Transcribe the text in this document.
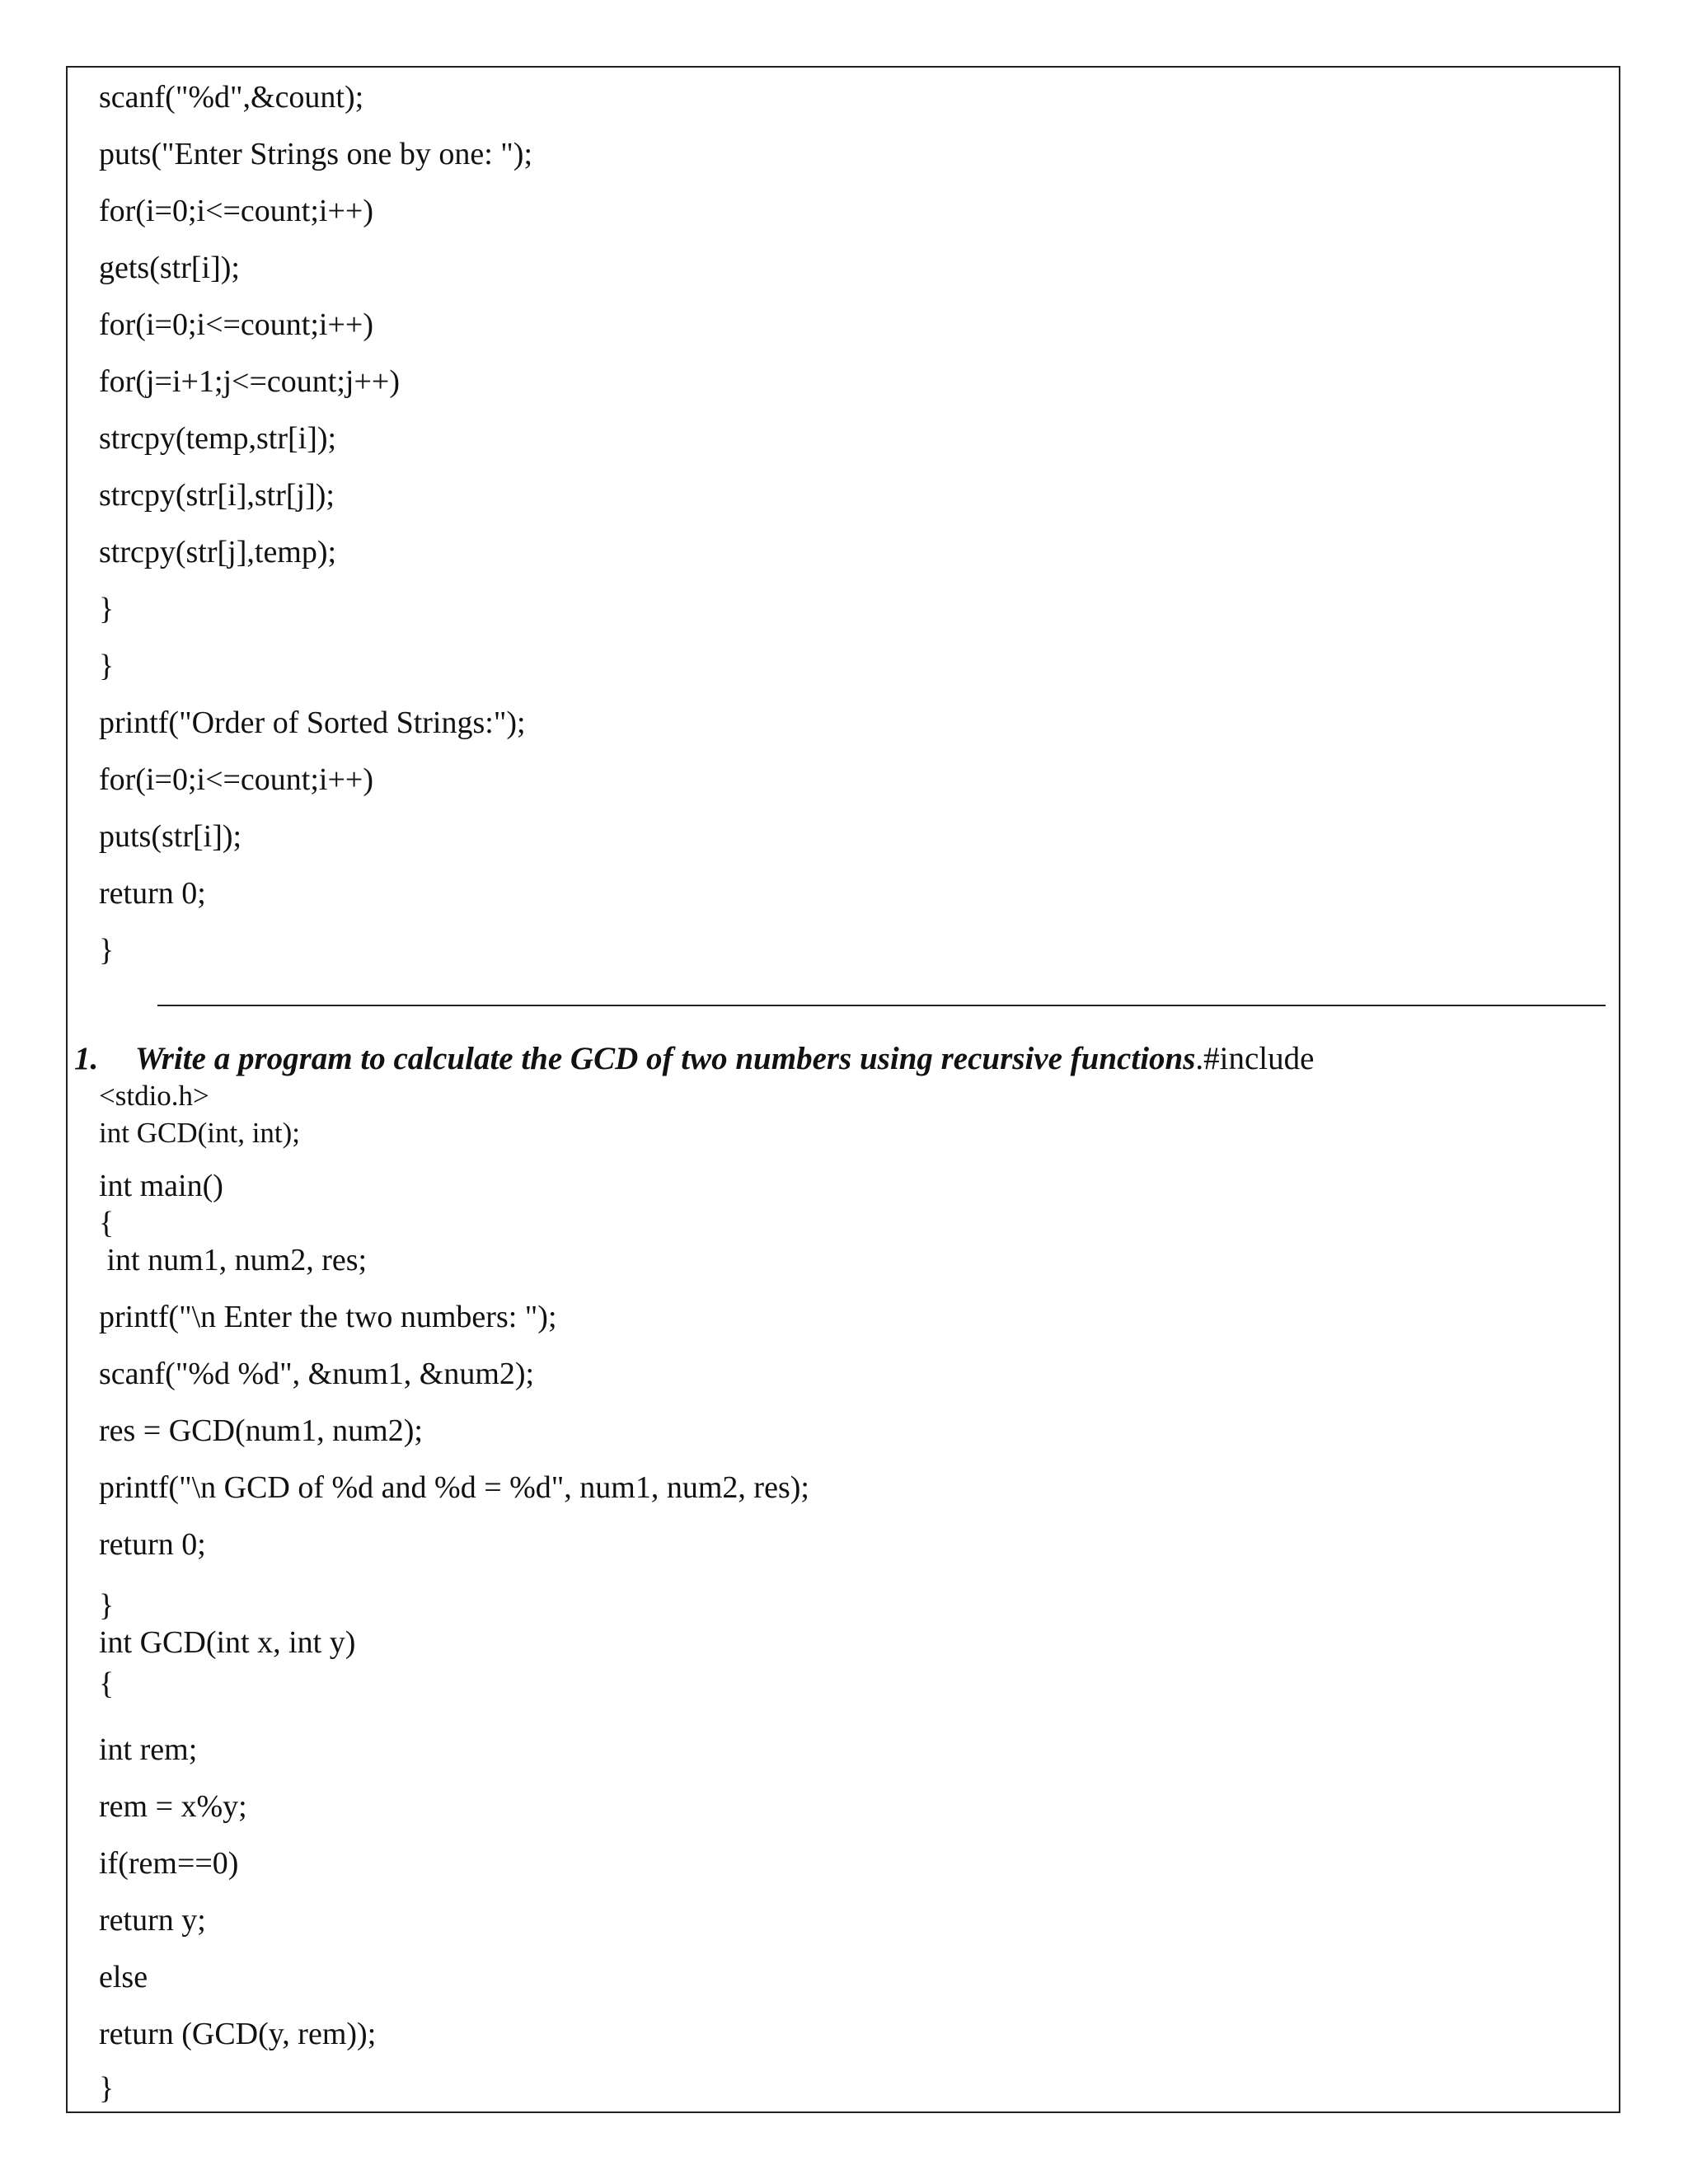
scanf("%d",&count);
puts("Enter Strings one by one: ");
for(i=0;i<=count;i++)
gets(str[i]);
for(i=0;i<=count;i++)
for(j=i+1;j<=count;j++)
strcpy(temp,str[i]);
strcpy(str[i],str[j]);
strcpy(str[j],temp);
}
}
printf("Order of Sorted Strings:");
for(i=0;i<=count;i++)
puts(str[i]);
return 0;
}
1. Write a program to calculate the GCD of two numbers using recursive functions.#include
<stdio.h>
int GCD(int, int);
int main()
{
int num1, num2, res;
printf("\n Enter the two numbers: ");
scanf("%d %d", &num1, &num2);
res = GCD(num1, num2);
printf("\n GCD of %d and %d = %d", num1, num2, res);
return 0;
}
int GCD(int x, int y)
{
int rem;
rem = x%y;
if(rem==0)
return y;
else
return (GCD(y, rem));
}
